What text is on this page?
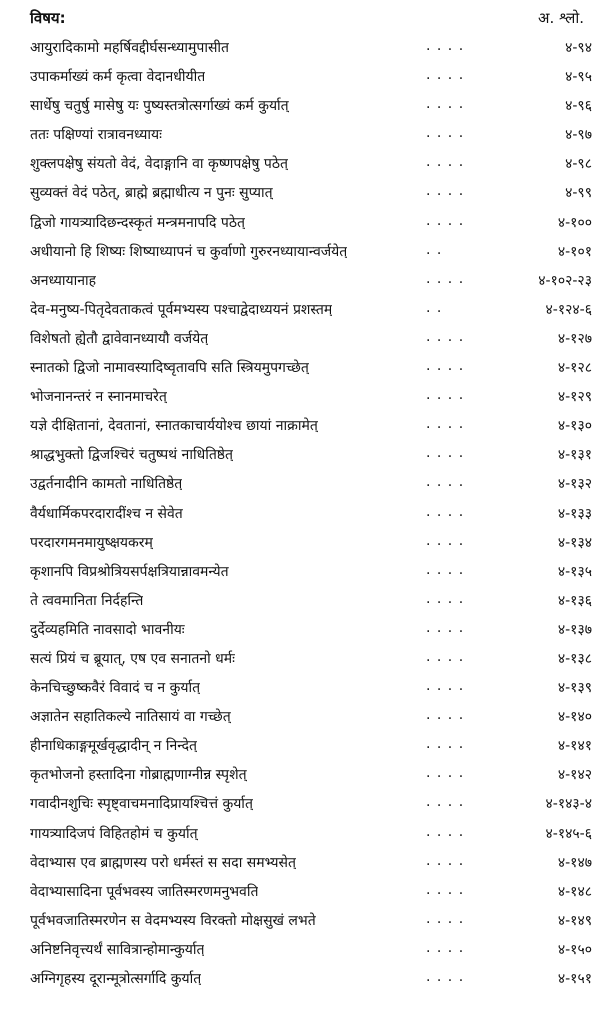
विषय:	अ. श्लो.
आयुरादिकामो महर्षिवद्दीर्घसन्ध्यामुपासीत	. . . .	४-९४
उपाकर्माख्यं कर्म कृत्वा वेदानधीयीत	. . . .	४-९५
सार्धेषु चतुर्षु मासेषु यः पुष्यस्तत्रोत्सर्गाख्यं कर्म कुर्यात्	. . . .	४-९६
ततः पक्षिण्यां रात्रावनध्यायः	. . . .	४-९७
शुक्लपक्षेषु संयतो वेदं, वेदाङ्गानि वा कृष्णपक्षेषु पठेत्	. . . .	४-९८
सुव्यक्तं वेदं पठेत्, ब्राह्मे ब्रह्माधीत्य न पुनः सुप्यात्	. . . .	४-९९
द्विजो गायत्र्यादिछन्दस्कृतं मन्त्रमनापदि पठेत्	. . . .	४-१००
अधीयानो हि शिष्यः शिष्याध्यापनं च कुर्वाणो गुरुरनध्यायान्वर्जयेत्	. .	४-१०१
अनध्यायानाह	. . . .	४-१०२-२३
देव-मनुष्य-पितृदेवताकत्वं पूर्वमभ्यस्य पश्चाद्वेदाध्ययनं प्रशस्तम्	. .	४-१२४-६
विशेषतो ह्येतौ द्वावेवानध्यायौ वर्जयेत्	. . . .	४-१२७
स्नातको द्विजो नामावस्यादिष्वृतावपि सति स्त्रियमुपगच्छेत्	. . . .	४-१२८
भोजनानन्तरं न स्नानमाचरेत्	. . . .	४-१२९
यज्ञे दीक्षितानां, देवतानां, स्नातकाचार्ययोश्च छायां नाक्रामेत्	. . . .	४-१३०
श्राद्धभुक्तो द्विजश्चिरं चतुष्पथं नाधितिष्ठेत्	. . . .	४-१३१
उद्वर्तनादीनि कामतो नाधितिष्ठेत्	. . . .	४-१३२
वैर्यधार्मिकपरदारादींश्च न सेवेत	. . . .	४-१३३
परदारगमनमायुष्क्षयकरम्	. . . .	४-१३४
कृशानपि विप्रश्रोत्रियसर्पक्षत्रियान्नावमन्येत	. . . .	४-१३५
ते त्ववमानिता निर्दहन्ति	. . . .	४-१३६
दुर्देव्यहमिति नावसादो भावनीयः	. . . .	४-१३७
सत्यं प्रियं च ब्रूयात्, एष एव सनातनो धर्मः	. . . .	४-१३८
केनचिच्छुष्कवैरं विवादं च न कुर्यात्	. . . .	४-१३९
अज्ञातेन सहातिकल्ये नातिसायं वा गच्छेत्	. . . .	४-१४०
हीनाधिकाङ्गमूर्खवृद्धादीन् न निन्देत्	. . . .	४-१४१
कृतभोजनो हस्तादिना गोब्राह्मणाग्नीन्न स्पृशेत्	. . . .	४-१४२
गवादीनशुचिः स्पृष्ट्वाचमनादिप्रायश्चित्तं कुर्यात्	. . . .	४-१४३-४
गायत्र्यादिजपं विहितहोमं च कुर्यात्	. . . .	४-१४५-६
वेदाभ्यास एव ब्राह्मणस्य परो धर्मस्तं स सदा समभ्यसेत्	. . . .	४-१४७
वेदाभ्यासादिना पूर्वभवस्य जातिस्मरणमनुभवति	. . . .	४-१४८
पूर्वभवजातिस्मरणेन स वेदमभ्यस्य विरक्तो मोक्षसुखं लभते	. . . .	४-१४९
अनिष्टनिवृत्त्यर्थं सावित्रान्होमान्कुर्यात्	. . . .	४-१५०
अग्निगृहस्य दूरान्मूत्रोत्सर्गादि कुर्यात्	. . . .	४-१५१
